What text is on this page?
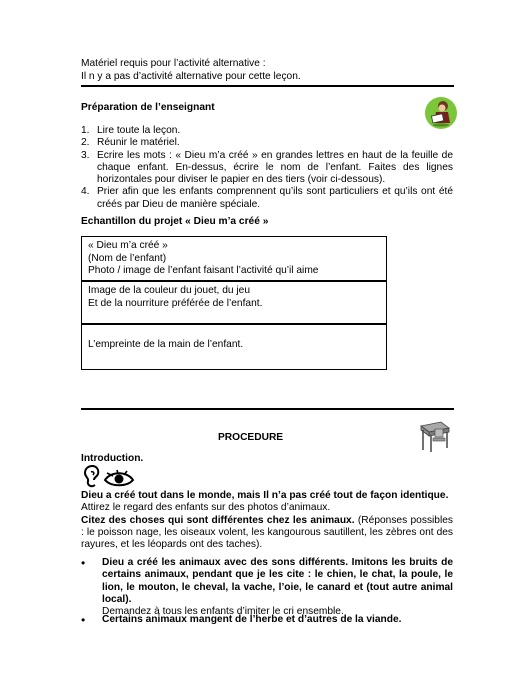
Matériel requis pour l’activité alternative :
Il n y a pas d’activité alternative pour cette leçon.
Préparation de l’enseignant
1. Lire toute la leçon.
2. Réunir le matériel.
3. Ecrire les mots : « Dieu m’a créé » en grandes lettres en haut de la feuille de chaque enfant. En-dessus, écrire le nom de l’enfant. Faites des lignes horizontales pour diviser le papier en des tiers (voir ci-dessous).
4. Prier afin que les enfants comprennent qu’ils sont particuliers et qu’ils ont été créés par Dieu de manière spéciale.
Echantillon du projet « Dieu m’a créé »
« Dieu m’a créé »
(Nom de l’enfant)
Photo / image de l’enfant faisant l’activité qu’il aime
Image de la couleur du jouet, du jeu
Et de la nourriture préférée de l’enfant.
L’empreinte de la main de l’enfant.
PROCEDURE
Introduction.
Dieu a créé tout dans le monde, mais Il n’a pas créé tout de façon identique.
Attirez le regard des enfants sur des photos d’animaux.
Citez des choses qui sont différentes chez les animaux. (Réponses possibles : le poisson nage, les oiseaux volent, les kangourous sautillent, les zèbres ont des rayures, et les léopards ont des taches).
• Dieu a créé les animaux avec des sons différents. Imitons les bruits de certains animaux, pendant que je les cite : le chien, le chat, la poule, le lion, le mouton, le cheval, la vache, l’oie, le canard et (tout autre animal local).
Demandez à tous les enfants d’imiter le cri ensemble.
• Certains animaux mangent de l’herbe et d’autres de la viande.
